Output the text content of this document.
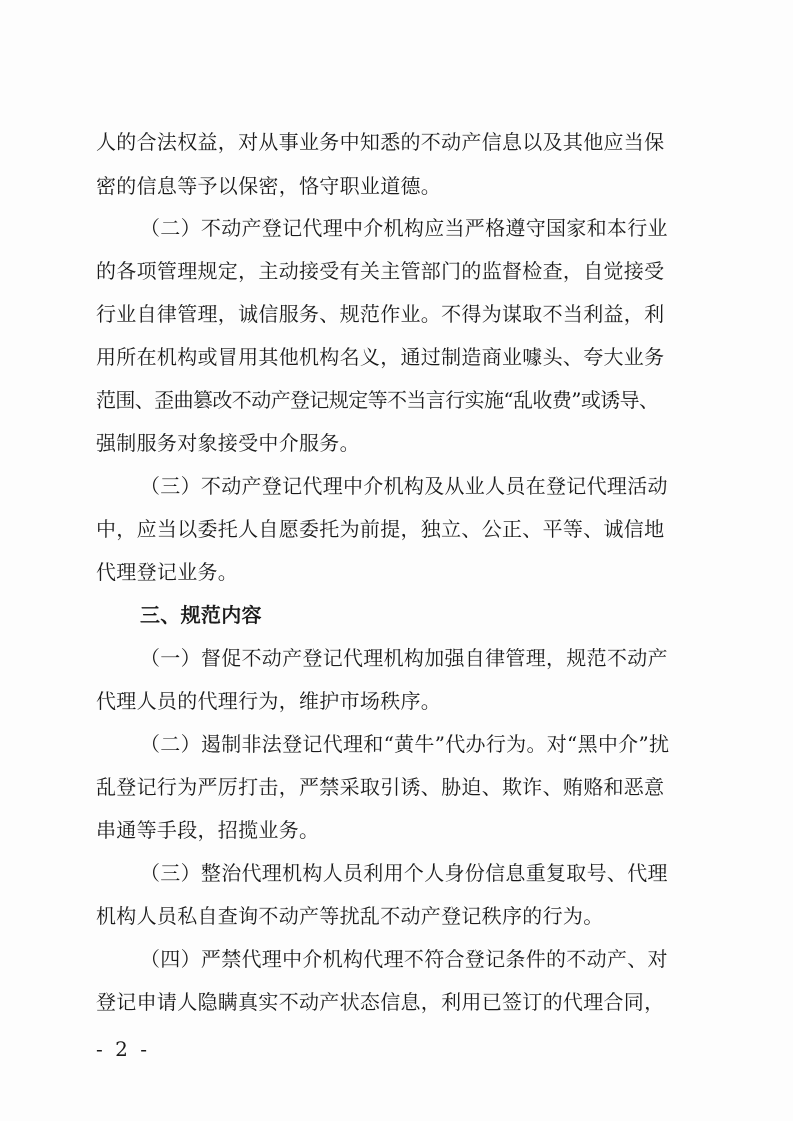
人的合法权益，对从事业务中知悉的不动产信息以及其他应当保
密的信息等予以保密，恪守职业道德。
（二）不动产登记代理中介机构应当严格遵守国家和本行业
的各项管理规定，主动接受有关主管部门的监督检查，自觉接受
行业自律管理，诚信服务、规范作业。不得为谋取不当利益，利
用所在机构或冒用其他机构名义，通过制造商业噱头、夸大业务
范围、歪曲篡改不动产登记规定等不当言行实施“乱收费”或诱导、
强制服务对象接受中介服务。
（三）不动产登记代理中介机构及从业人员在登记代理活动
中，应当以委托人自愿委托为前提，独立、公正、平等、诚信地
代理登记业务。
三、规范内容
（一）督促不动产登记代理机构加强自律管理，规范不动产
代理人员的代理行为，维护市场秩序。
（二）遏制非法登记代理和“黄牛”代办行为。对“黑中介”扰
乱登记行为严厉打击，严禁采取引诱、胁迫、欺诈、贿赂和恶意
串通等手段，招揽业务。
（三）整治代理机构人员利用个人身份信息重复取号、代理
机构人员私自查询不动产等扰乱不动产登记秩序的行为。
（四）严禁代理中介机构代理不符合登记条件的不动产、对
登记申请人隐瞒真实不动产状态信息，利用已签订的代理合同，
- 2 -
